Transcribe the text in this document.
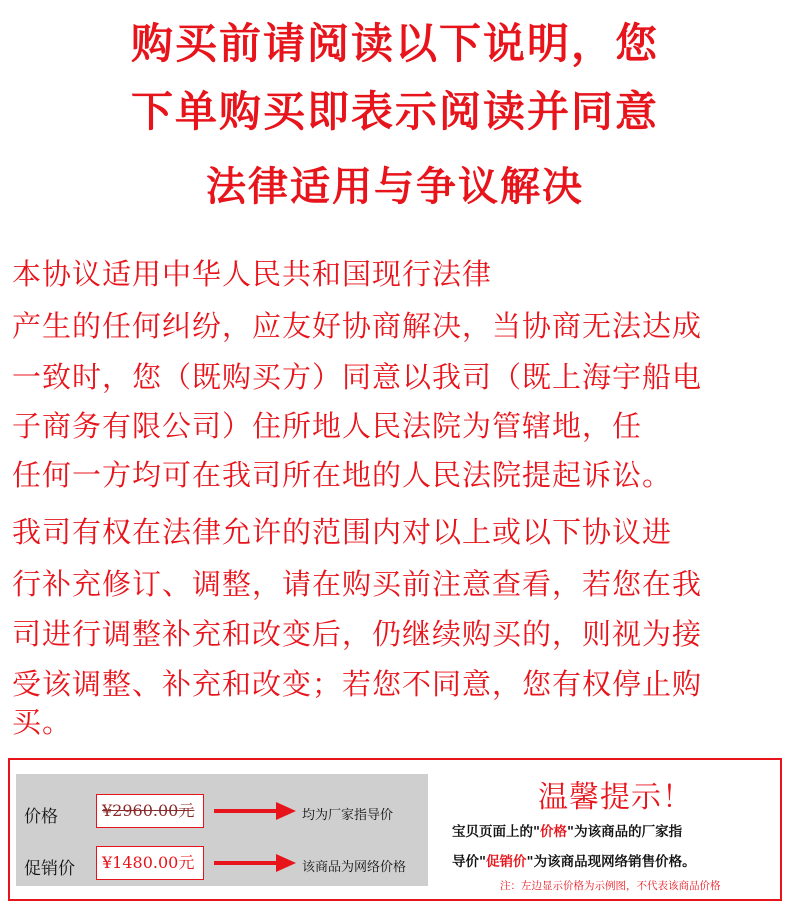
购买前请阅读以下说明，您
下单购买即表示阅读并同意
法律适用与争议解决
本协议适用中华人民共和国现行法律
产生的任何纠纷，应友好协商解决，当协商无法达成
一致时，您（既购买方）同意以我司（既上海宇船电
子商务有限公司）住所地人民法院为管辖地，任
任何一方均可在我司所在地的人民法院提起诉讼。
我司有权在法律允许的范围内对以上或以下协议进
行补充修订、调整，请在购买前注意查看，若您在我
司进行调整补充和改变后，仍继续购买的，则视为接
受该调整、补充和改变；若您不同意，您有权停止购
买。
价格	¥2960.00元	均为厂家指导价
促销价	¥1480.00元	该商品为网络价格
温馨提示！
宝贝页面上的"价格"为该商品的厂家指
导价"促销价"为该商品现网络销售价格。
注：左边显示价格为示例图，不代表该商品价格
